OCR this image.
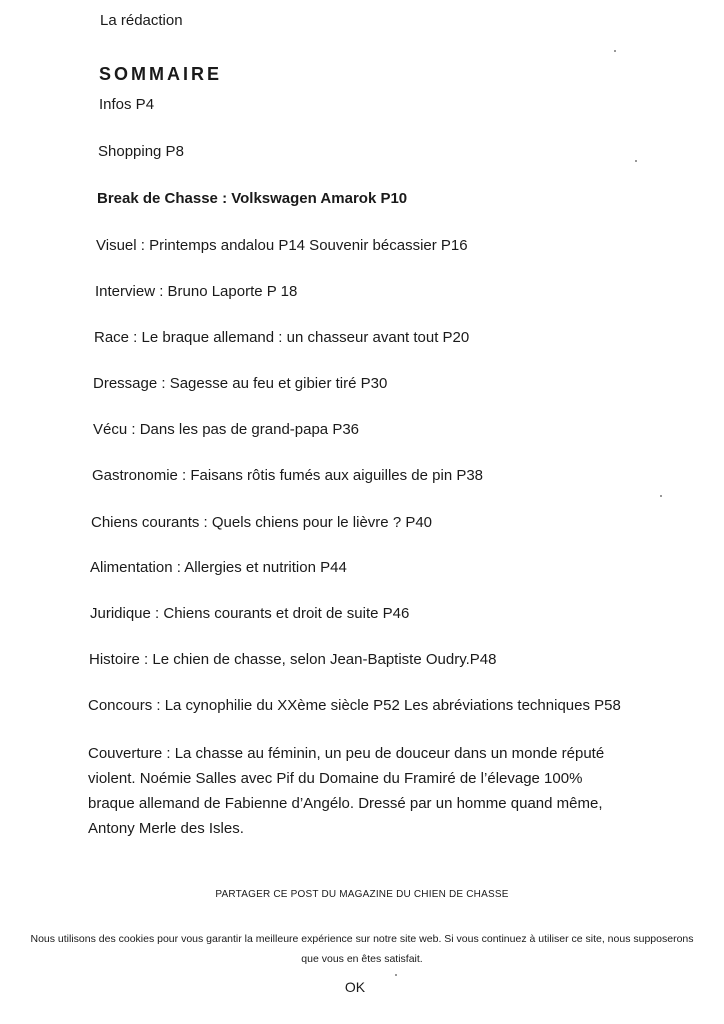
La rédaction
SOMMAIRE
Infos P4
Shopping P8
Break de Chasse : Volkswagen Amarok P10
Visuel : Printemps andalou P14 Souvenir bécassier P16
Interview : Bruno Laporte P 18
Race : Le braque allemand : un chasseur avant tout P20
Dressage : Sagesse au feu et gibier tiré P30
Vécu : Dans les pas de grand-papa P36
Gastronomie : Faisans rôtis fumés aux aiguilles de pin P38
Chiens courants : Quels chiens pour le lièvre ? P40
Alimentation : Allergies et nutrition P44
Juridique : Chiens courants et droit de suite P46
Histoire : Le chien de chasse, selon Jean-Baptiste Oudry.P48
Concours : La cynophilie du XXème siècle P52 Les abréviations techniques P58
Couverture : La chasse au féminin, un peu de douceur dans un monde réputé violent. Noémie Salles avec Pif du Domaine du Framiré de l’élevage 100% braque allemand de Fabienne d’Angélo. Dressé par un homme quand même, Antony Merle des Isles.
PARTAGER CE POST DU MAGAZINE DU CHIEN DE CHASSE
Nous utilisons des cookies pour vous garantir la meilleure expérience sur notre site web. Si vous continuez à utiliser ce site, nous supposerons que vous en êtes satisfait.
OK
